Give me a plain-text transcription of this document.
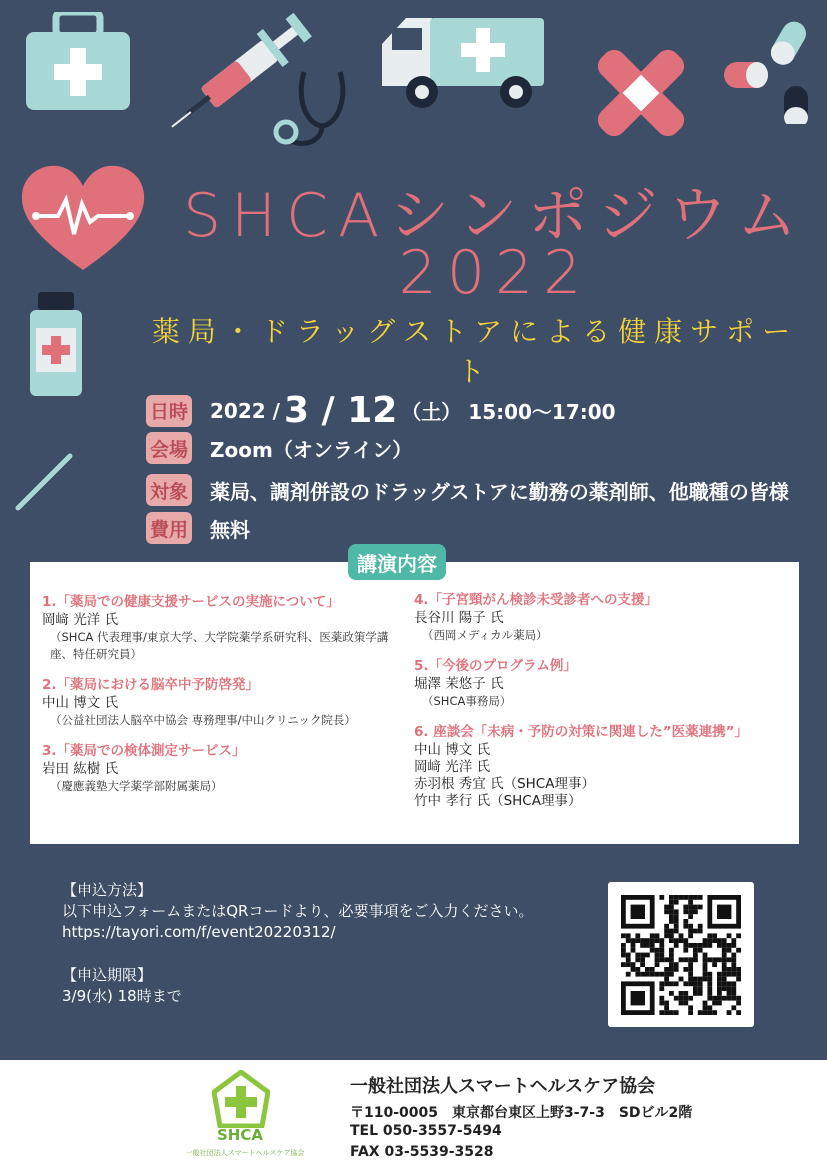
SHCAシンポジウム
2022
薬局・ドラッグストアによる健康サポート
日時 2022 / 3 / 12 （土） 15:00～17:00
会場 Zoom（オンライン）
対象 薬局、調剤併設のドラッグストアに勤務の薬剤師、他職種の皆様
費用 無料
講演内容
1.「薬局での健康支援サービスの実施について」
岡﨑 光洋 氏
（SHCA 代表理事/東京大学、大学院薬学系研究科、医薬政策学講座、特任研究員）
2.「薬局における脳卒中予防啓発」
中山 博文 氏
（公益社団法人脳卒中協会 専務理事/中山クリニック院長）
3.「薬局での検体測定サービス」
岩田 紘樹 氏
（慶應義塾大学薬学部附属薬局）
4.「子宮頸がん検診未受診者への支援」
長谷川 陽子 氏
（西岡メディカル薬局）
5.「今後のプログラム例」
堀澤 茉悠子 氏
（SHCA事務局）
6. 座談会「未病・予防の対策に関連した”医薬連携”」
中山 博文 氏
岡﨑 光洋 氏
赤羽根 秀宜 氏（SHCA理事）
竹中 孝行 氏（SHCA理事）

【申込方法】

以下申込フォームまたはQRコードより、必要事項をご入力ください。

https://tayori.com/f/event20220312/

【申込期限】

3/9(水) 18時まで

SHCA
一般社団法人スマートヘルスケア協会
一般社団法人スマートヘルスケア協会
〒110-0005　東京都台東区上野3-7-3　SDビル2階
TEL 050-3557-5494
FAX 03-5539-3528
